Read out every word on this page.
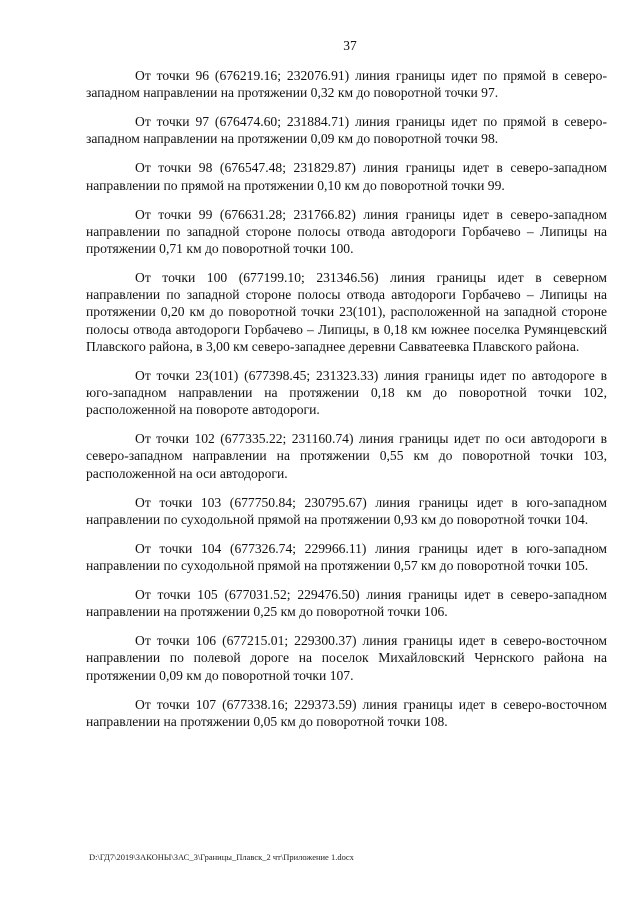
37

От точки 96 (676219.16; 232076.91) линия границы идет по прямой в северо-западном направлении на протяжении 0,32 км до поворотной точки 97.

От точки 97 (676474.60; 231884.71) линия границы идет по прямой в северо-западном направлении на протяжении 0,09 км до поворотной точки 98.

От точки 98 (676547.48; 231829.87) линия границы идет в северо-западном направлении по прямой на протяжении 0,10 км до поворотной точки 99.

От точки 99 (676631.28; 231766.82) линия границы идет в северо-западном направлении по западной стороне полосы отвода автодороги Горбачево – Липицы на протяжении 0,71 км до поворотной точки 100.

От точки 100 (677199.10; 231346.56) линия границы идет в северном направлении по западной стороне полосы отвода автодороги Горбачево – Липицы на протяжении 0,20 км до поворотной точки 23(101), расположенной на западной стороне полосы отвода автодороги Горбачево – Липицы, в 0,18 км южнее поселка Румянцевский Плавского района, в 3,00 км северо-западнее деревни Савватеевка Плавского района.

От точки 23(101) (677398.45; 231323.33) линия границы идет по автодороге в юго-западном направлении на протяжении 0,18 км до поворотной точки 102, расположенной на повороте автодороги.

От точки 102 (677335.22; 231160.74) линия границы идет по оси автодороги в северо-западном направлении на протяжении 0,55 км до поворотной точки 103, расположенной на оси автодороги.

От точки 103 (677750.84; 230795.67) линия границы идет в юго-западном направлении по суходольной прямой на протяжении 0,93 км до поворотной точки 104.

От точки 104 (677326.74; 229966.11) линия границы идет в юго-западном направлении по суходольной прямой на протяжении 0,57 км до поворотной точки 105.

От точки 105 (677031.52; 229476.50) линия границы идет в северо-западном направлении на протяжении 0,25 км до поворотной точки 106.

От точки 106 (677215.01; 229300.37) линия границы идет в северо-восточном направлении по полевой дороге на поселок Михайловский Чернского района на протяжении 0,09 км до поворотной точки 107.

От точки 107 (677338.16; 229373.59) линия границы идет в северо-восточном направлении на протяжении 0,05 км до поворотной точки 108.

D:\ГД7\2019\ЗАКОНЫ\ЗАС_3\Границы_Плавск_2 чт\Приложение 1.docx
